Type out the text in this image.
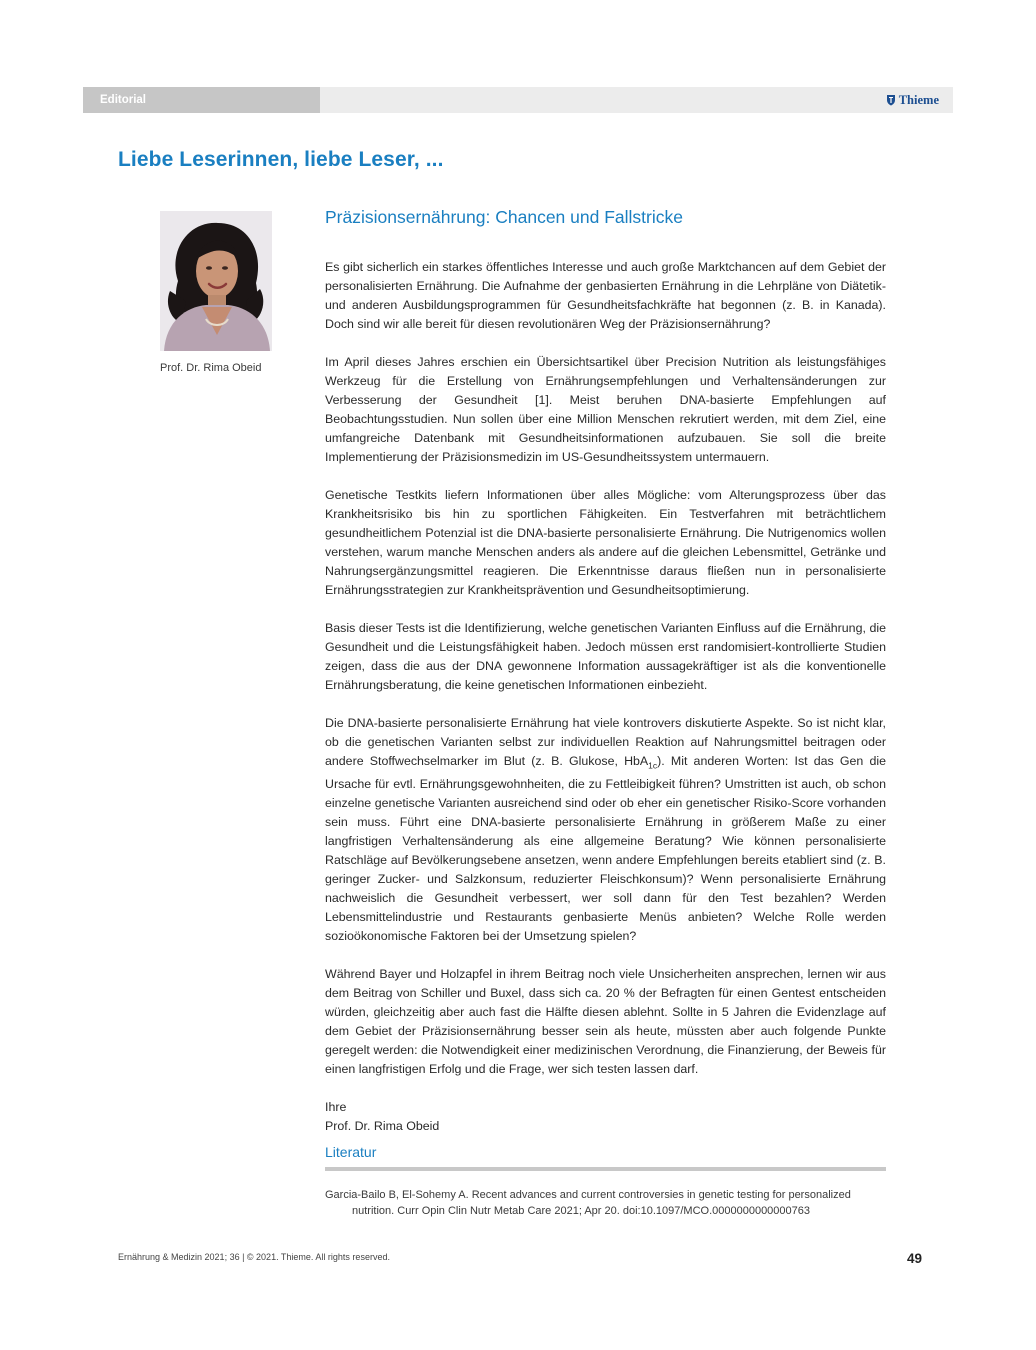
Editorial	Thieme
Liebe Leserinnen, liebe Leser, ...
Prof. Dr. Rima Obeid
Präzisionsernährung: Chancen und Fallstricke

Es gibt sicherlich ein starkes öffentliches Interesse und auch große Marktchancen auf dem Gebiet der personalisierten Ernährung. Die Aufnahme der genbasierten Ernährung in die Lehrpläne von Diätetik- und anderen Ausbildungsprogrammen für Gesundheitsfachkräfte hat begonnen (z. B. in Kanada). Doch sind wir alle bereit für diesen revolutionären Weg der Präzisionsernährung?

Im April dieses Jahres erschien ein Übersichtsartikel über Precision Nutrition als leistungsfähiges Werkzeug für die Erstellung von Ernährungsempfehlungen und Verhaltensänderungen zur Verbesserung der Gesundheit [1]. Meist beruhen DNA-basierte Empfehlungen auf Beobachtungsstudien. Nun sollen über eine Million Menschen rekrutiert werden, mit dem Ziel, eine umfangreiche Datenbank mit Gesundheitsinformationen aufzubauen. Sie soll die breite Implementierung der Präzisionsmedizin im US-Gesundheitssystem untermauern.

Genetische Testkits liefern Informationen über alles Mögliche: vom Alterungsprozess über das Krankheitsrisiko bis hin zu sportlichen Fähigkeiten. Ein Testverfahren mit beträchtlichem gesundheitlichem Potenzial ist die DNA-basierte personalisierte Ernährung. Die Nutrigenomics wollen verstehen, warum manche Menschen anders als andere auf die gleichen Lebensmittel, Getränke und Nahrungsergänzungsmittel reagieren. Die Erkenntnisse daraus fließen nun in personalisierte Ernährungsstrategien zur Krankheitsprävention und Gesundheitsoptimierung.

Basis dieser Tests ist die Identifizierung, welche genetischen Varianten Einfluss auf die Ernährung, die Gesundheit und die Leistungsfähigkeit haben. Jedoch müssen erst randomisiert-kontrollierte Studien zeigen, dass die aus der DNA gewonnene Information aussagekräftiger ist als die konventionelle Ernährungsberatung, die keine genetischen Informationen einbezieht.

Die DNA-basierte personalisierte Ernährung hat viele kontrovers diskutierte Aspekte. So ist nicht klar, ob die genetischen Varianten selbst zur individuellen Reaktion auf Nahrungsmittel beitragen oder andere Stoffwechselmarker im Blut (z. B. Glukose, HbA$_{1c}$). Mit anderen Worten: Ist das Gen die Ursache für evtl. Ernährungsgewohnheiten, die zu Fettleibigkeit führen? Umstritten ist auch, ob schon einzelne genetische Varianten ausreichend sind oder ob eher ein genetischer Risiko-Score vorhanden sein muss. Führt eine DNA-basierte personalisierte Ernährung in größerem Maße zu einer langfristigen Verhaltensänderung als eine allgemeine Beratung? Wie können personalisierte Ratschläge auf Bevölkerungsebene ansetzen, wenn andere Empfehlungen bereits etabliert sind (z. B. geringer Zucker- und Salzkonsum, reduzierter Fleischkonsum)? Wenn personalisierte Ernährung nachweislich die Gesundheit verbessert, wer soll dann für den Test bezahlen? Werden Lebensmittelindustrie und Restaurants genbasierte Menüs anbieten? Welche Rolle werden sozioökonomische Faktoren bei der Umsetzung spielen?

Während Bayer und Holzapfel in ihrem Beitrag noch viele Unsicherheiten ansprechen, lernen wir aus dem Beitrag von Schiller und Buxel, dass sich ca. 20 % der Befragten für einen Gentest entscheiden würden, gleichzeitig aber auch fast die Hälfte diesen ablehnt. Sollte in 5 Jahren die Evidenzlage auf dem Gebiet der Präzisionsernährung besser sein als heute, müssten aber auch folgende Punkte geregelt werden: die Notwendigkeit einer medizinischen Verordnung, die Finanzierung, der Beweis für einen langfristigen Erfolg und die Frage, wer sich testen lassen darf.

Ihre

Prof. Dr. Rima Obeid

Literatur
Garcia-Bailo B, El-Sohemy A. Recent advances and current controversies in genetic testing for personalized nutrition. Curr Opin Clin Nutr Metab Care 2021; Apr 20. doi:10.1097/MCO.0000000000000763
Ernährung & Medizin 2021; 36 | © 2021. Thieme. All rights reserved.	49
